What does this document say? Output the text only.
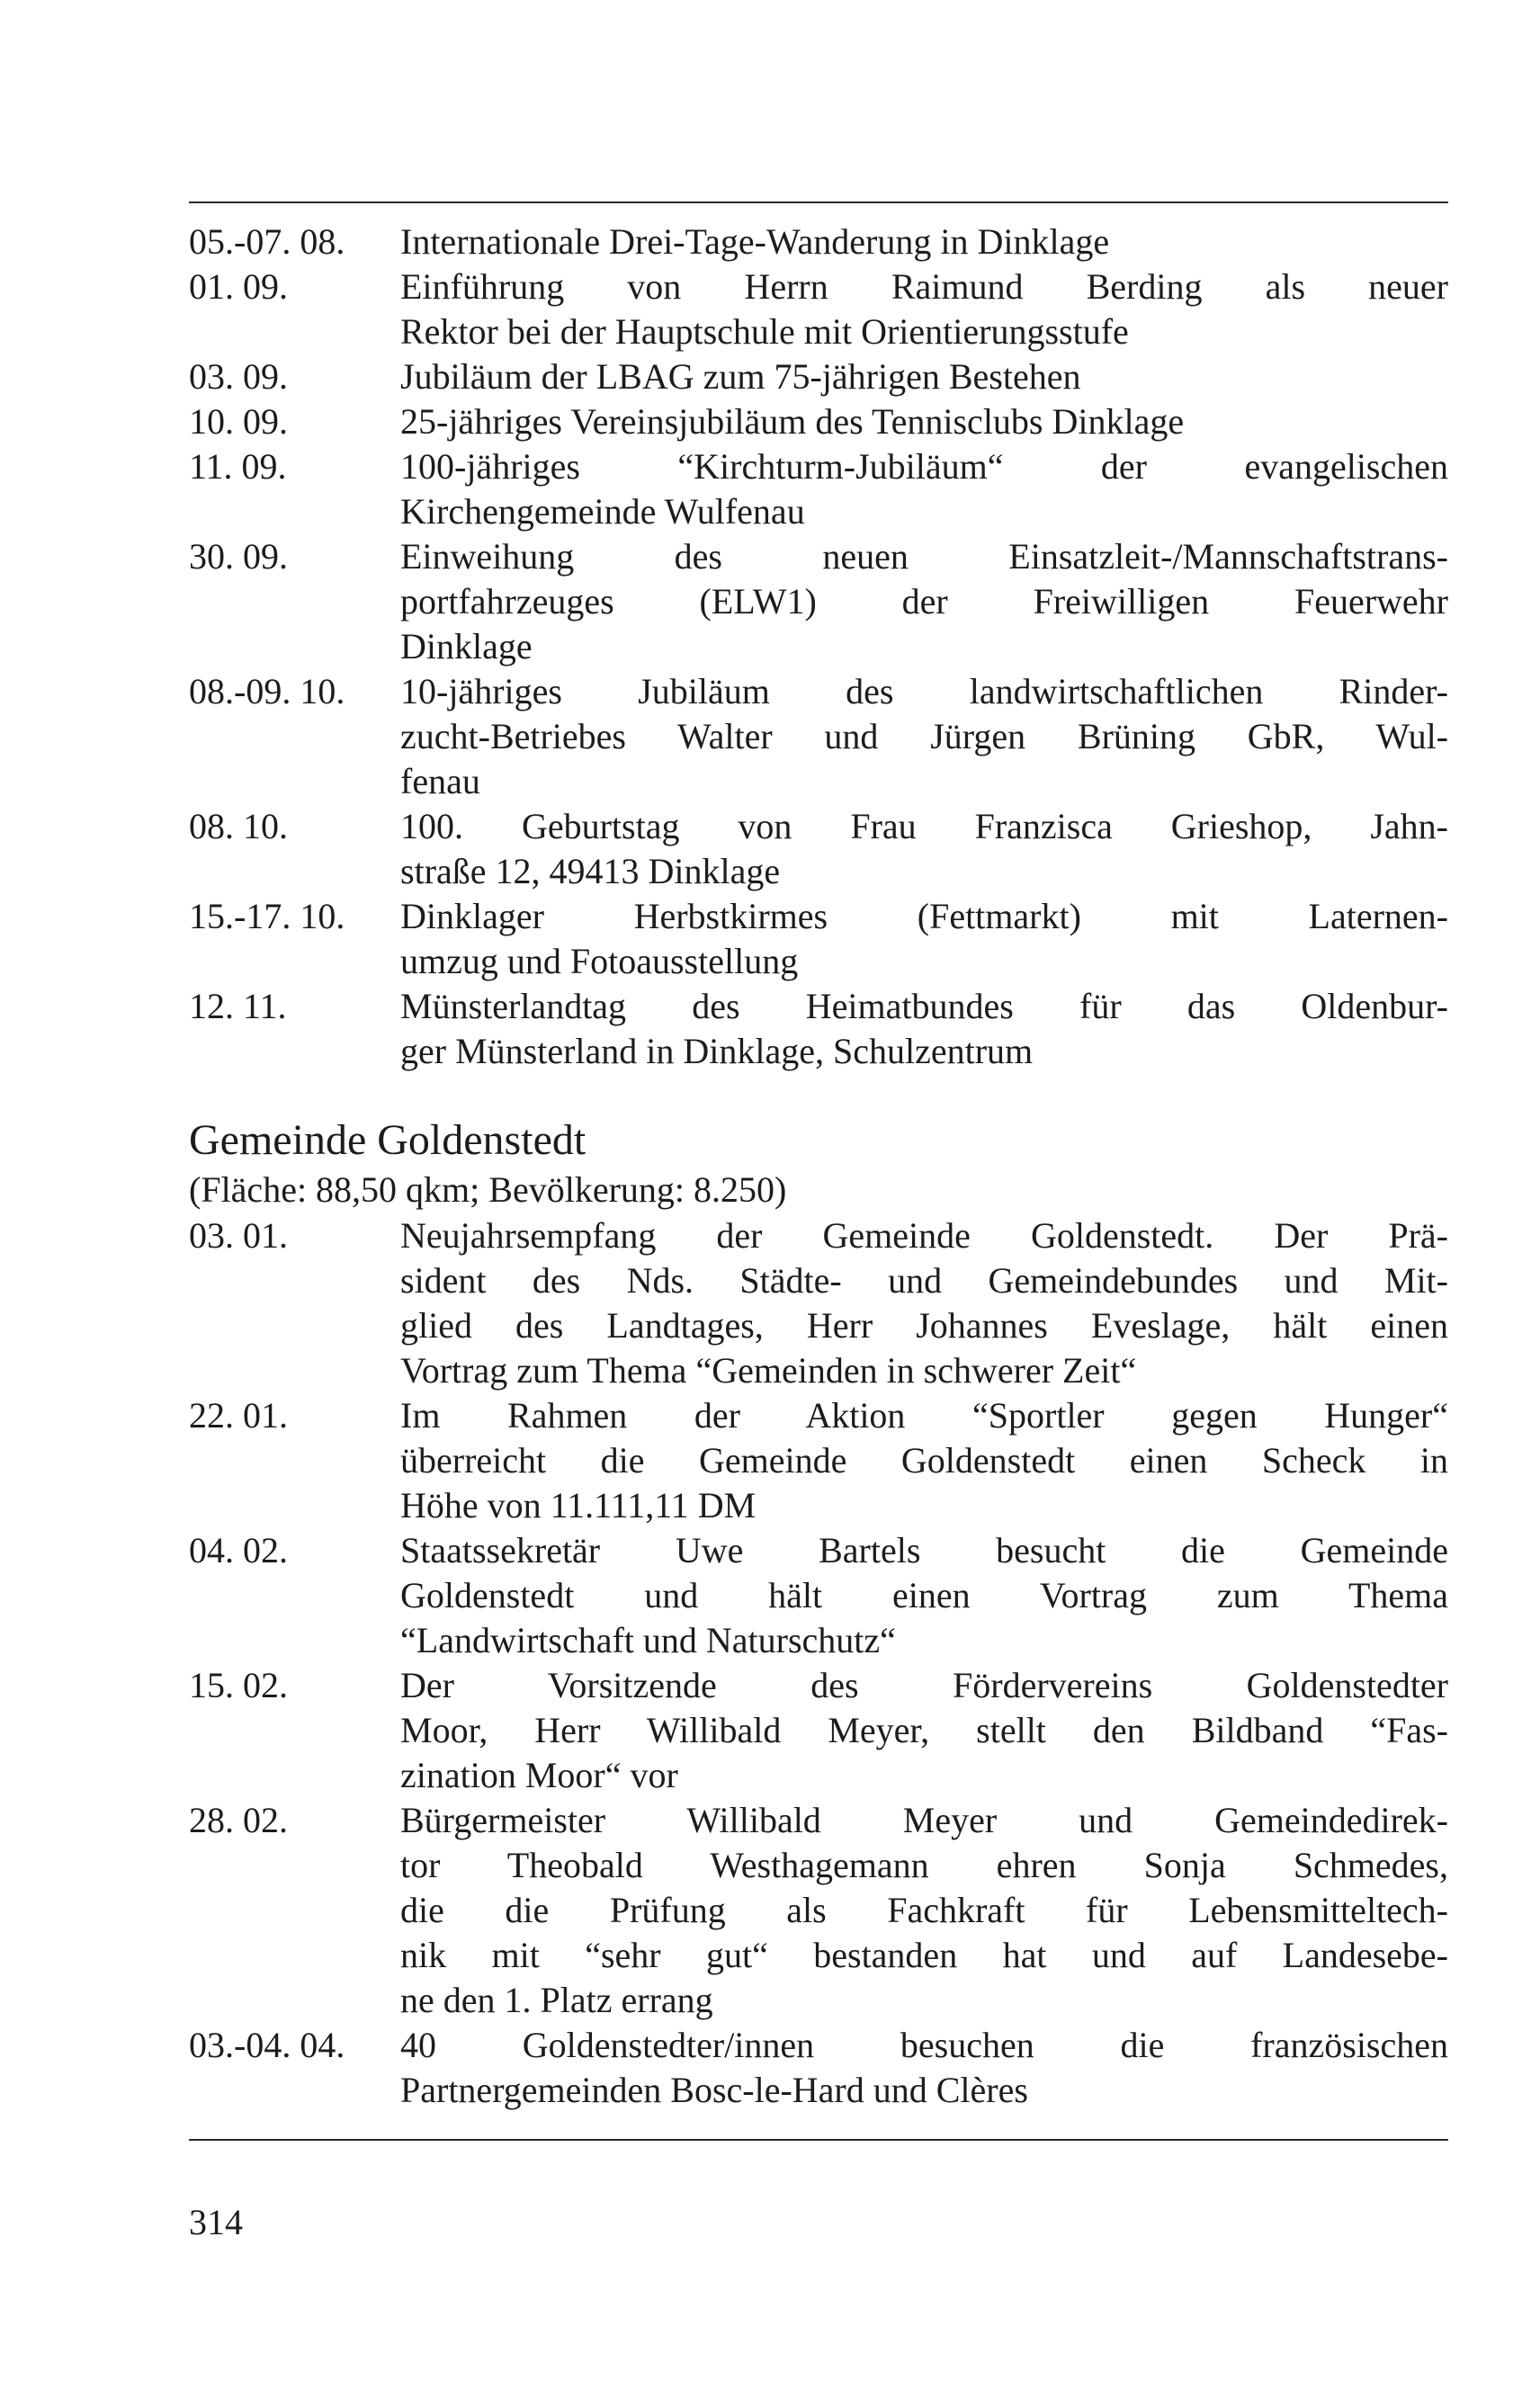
05.-07. 08.	Internationale Drei-Tage-Wanderung in Dinklage
01. 09.	Einführung von Herrn Raimund Berding als neuer
Rektor bei der Hauptschule mit Orientierungsstufe
03. 09.	Jubiläum der LBAG zum 75-jährigen Bestehen
10. 09.	25-jähriges Vereinsjubiläum des Tennisclubs Dinklage
11. 09.	100-jähriges “Kirchturm-Jubiläum“ der evangelischen
Kirchengemeinde Wulfenau
30. 09.	Einweihung des neuen Einsatzleit-/Mannschaftstrans-
portfahrzeuges (ELW1) der Freiwilligen Feuerwehr
Dinklage
08.-09. 10.	10-jähriges Jubiläum des landwirtschaftlichen Rinder-
zucht-Betriebes Walter und Jürgen Brüning GbR, Wul-
fenau
08. 10.	100. Geburtstag von Frau Franzisca Grieshop, Jahn-
straße 12, 49413 Dinklage
15.-17. 10.	Dinklager Herbstkirmes (Fettmarkt) mit Laternen-
umzug und Fotoausstellung
12. 11.	Münsterlandtag des Heimatbundes für das Oldenbur-
ger Münsterland in Dinklage, Schulzentrum
Gemeinde Goldenstedt
(Fläche: 88,50 qkm; Bevölkerung: 8.250)
03. 01.	Neujahrsempfang der Gemeinde Goldenstedt. Der Prä-
sident des Nds. Städte- und Gemeindebundes und Mit-
glied des Landtages, Herr Johannes Eveslage, hält einen
Vortrag zum Thema “Gemeinden in schwerer Zeit“
22. 01.	Im Rahmen der Aktion “Sportler gegen Hunger“
überreicht die Gemeinde Goldenstedt einen Scheck in
Höhe von 11.111,11 DM
04. 02.	Staatssekretär Uwe Bartels besucht die Gemeinde
Goldenstedt und hält einen Vortrag zum Thema
“Landwirtschaft und Naturschutz“
15. 02.	Der Vorsitzende des Fördervereins Goldenstedter
Moor, Herr Willibald Meyer, stellt den Bildband “Fas-
zination Moor“ vor
28. 02.	Bürgermeister Willibald Meyer und Gemeindedirek-
tor Theobald Westhagemann ehren Sonja Schmedes,
die die Prüfung als Fachkraft für Lebensmitteltech-
nik mit “sehr gut“ bestanden hat und auf Landesebe-
ne den 1. Platz errang
03.-04. 04.	40 Goldenstedter/innen besuchen die französischen
Partnergemeinden Bosc-le-Hard und Clères
314
